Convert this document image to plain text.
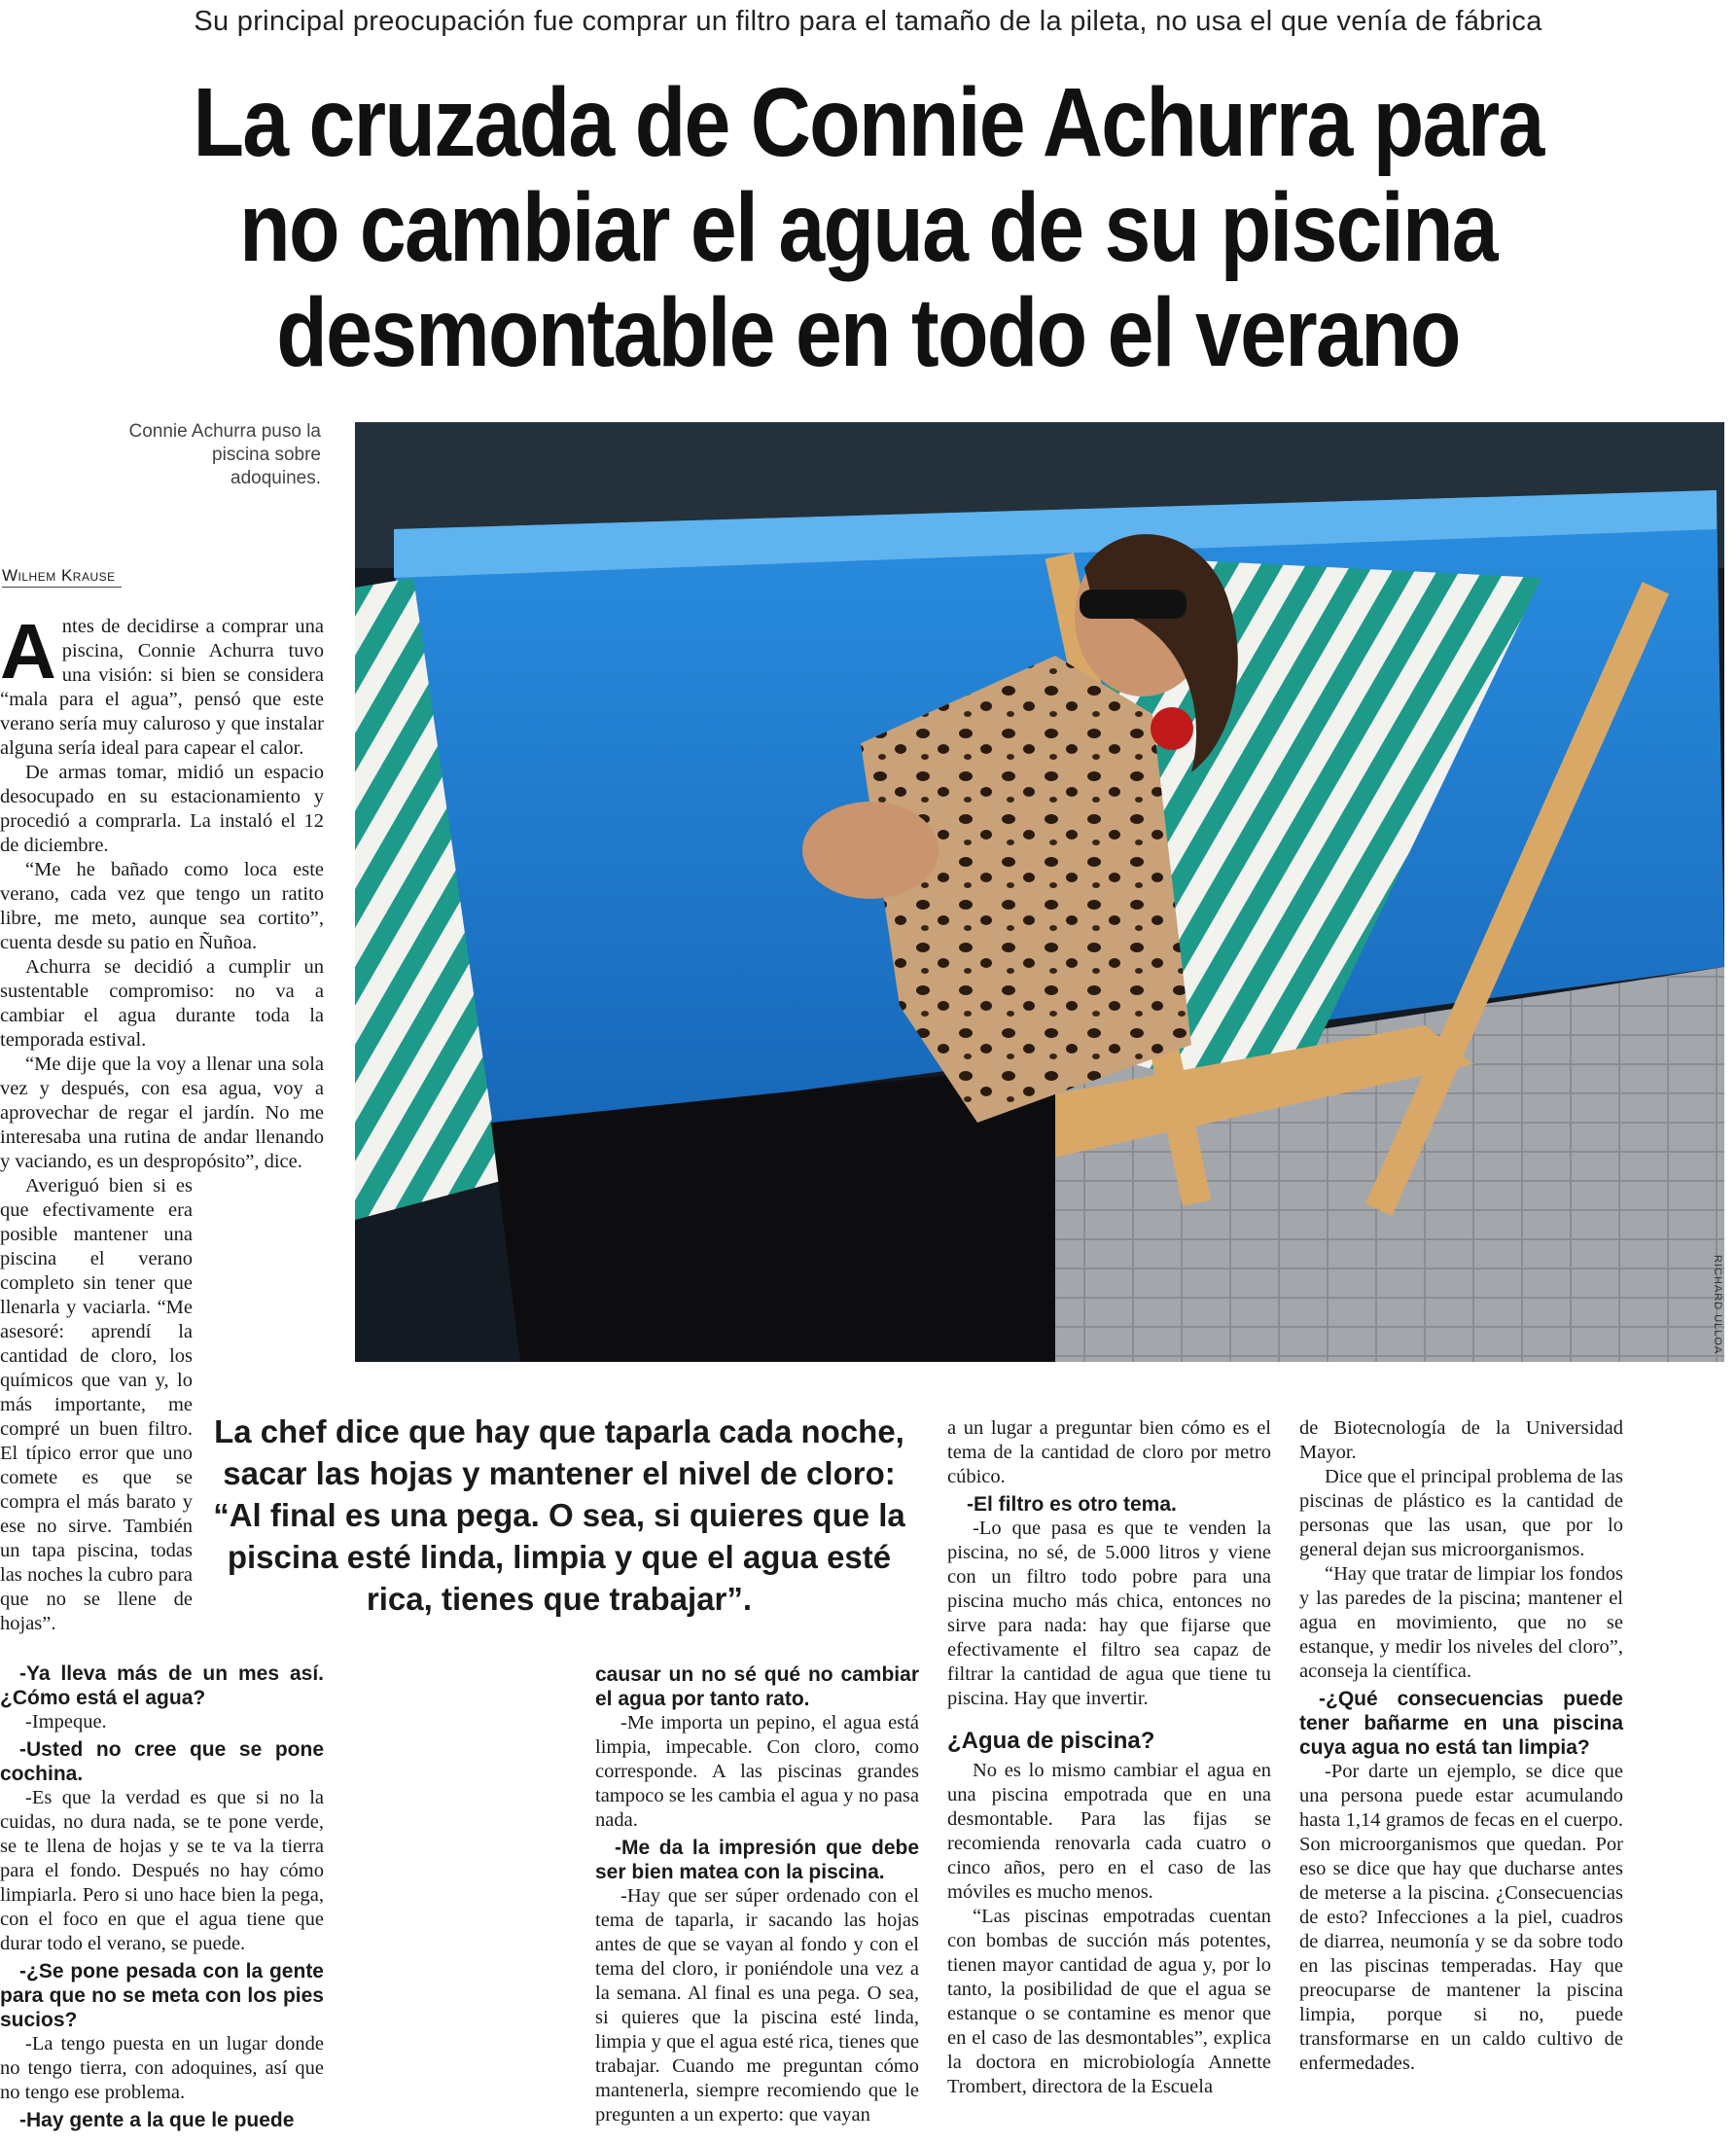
Su principal preocupación fue comprar un filtro para el tamaño de la pileta, no usa el que venía de fábrica
La cruzada de Connie Achurra para no cambiar el agua de su piscina desmontable en todo el verano
Connie Achurra puso la piscina sobre adoquines.
Wilhem Krause
RICHARD ULLOA

Antes de decidirse a comprar una piscina, Connie Achurra tuvo una visión: si bien se considera “mala para el agua”, pensó que este verano sería muy caluroso y que instalar alguna sería ideal para capear el calor.

De armas tomar, midió un espacio desocupado en su estacionamiento y procedió a comprarla. La instaló el 12 de diciembre.

“Me he bañado como loca este verano, cada vez que tengo un ratito libre, me meto, aunque sea cortito”, cuenta desde su patio en Ñuñoa.

Achurra se decidió a cumplir un sustentable compromiso: no va a cambiar el agua durante toda la temporada estival.

“Me dije que la voy a llenar una sola vez y después, con esa agua, voy a aprovechar de regar el jardín. No me interesaba una rutina de andar llenando y vaciando, es un despropósito”, dice.

Averiguó bien si es que efectivamente era posible mantener una piscina el verano completo sin tener que llenarla y vaciarla. “Me asesoré: aprendí la cantidad de cloro, los químicos que van y, lo más importante, me compré un buen filtro. El típico error que uno comete es que se compra el más barato y ese no sirve. También un tapa piscina, todas las noches la cubro para que no se llene de hojas”.

-Ya lleva más de un mes así. ¿Cómo está el agua?

-Impeque.

-Usted no cree que se pone cochina.

-Es que la verdad es que si no la cuidas, no dura nada, se te pone verde, se te llena de hojas y se te va la tierra para el fondo. Después no hay cómo limpiarla. Pero si uno hace bien la pega, con el foco en que el agua tiene que durar todo el verano, se puede.

-¿Se pone pesada con la gente para que no se meta con los pies sucios?

-La tengo puesta en un lugar donde no tengo tierra, con adoquines, así que no tengo ese problema.

-Hay gente a la que le puede

La chef dice que hay que taparla cada noche, sacar las hojas y mantener el nivel de cloro:
“Al final es una pega. O sea, si quieres que la piscina esté linda, limpia y que el agua esté rica, tienes que trabajar”.

causar un no sé qué no cambiar el agua por tanto rato.

-Me importa un pepino, el agua está limpia, impecable. Con cloro, como corresponde. A las piscinas grandes tampoco se les cambia el agua y no pasa nada.

-Me da la impresión que debe ser bien matea con la piscina.

-Hay que ser súper ordenado con el tema de taparla, ir sacando las hojas antes de que se vayan al fondo y con el tema del cloro, ir poniéndole una vez a la semana. Al final es una pega. O sea, si quieres que la piscina esté linda, limpia y que el agua esté rica, tienes que trabajar. Cuando me preguntan cómo mantenerla, siempre recomiendo que le pregunten a un experto: que vayan

a un lugar a preguntar bien cómo es el tema de la cantidad de cloro por metro cúbico.

-El filtro es otro tema.

-Lo que pasa es que te venden la piscina, no sé, de 5.000 litros y viene con un filtro todo pobre para una piscina mucho más chica, entonces no sirve para nada: hay que fijarse que efectivamente el filtro sea capaz de filtrar la cantidad de agua que tiene tu piscina. Hay que invertir.

¿Agua de piscina?

No es lo mismo cambiar el agua en una piscina empotrada que en una desmontable. Para las fijas se recomienda renovarla cada cuatro o cinco años, pero en el caso de las móviles es mucho menos.

“Las piscinas empotradas cuentan con bombas de succión más potentes, tienen mayor cantidad de agua y, por lo tanto, la posibilidad de que el agua se estanque o se contamine es menor que en el caso de las desmontables”, explica la doctora en microbiología Annette Trombert, directora de la Escuela

de Biotecnología de la Universidad Mayor.

Dice que el principal problema de las piscinas de plástico es la cantidad de personas que las usan, que por lo general dejan sus microorganismos.

“Hay que tratar de limpiar los fondos y las paredes de la piscina; mantener el agua en movimiento, que no se estanque, y medir los niveles del cloro”, aconseja la científica.

-¿Qué consecuencias puede tener bañarme en una piscina cuya agua no está tan limpia?

-Por darte un ejemplo, se dice que una persona puede estar acumulando hasta 1,14 gramos de fecas en el cuerpo. Son microorganismos que quedan. Por eso se dice que hay que ducharse antes de meterse a la piscina. ¿Consecuencias de esto? Infecciones a la piel, cuadros de diarrea, neumonía y se da sobre todo en las piscinas temperadas. Hay que preocuparse de mantener la piscina limpia, porque si no, puede transformarse en un caldo cultivo de enfermedades.
